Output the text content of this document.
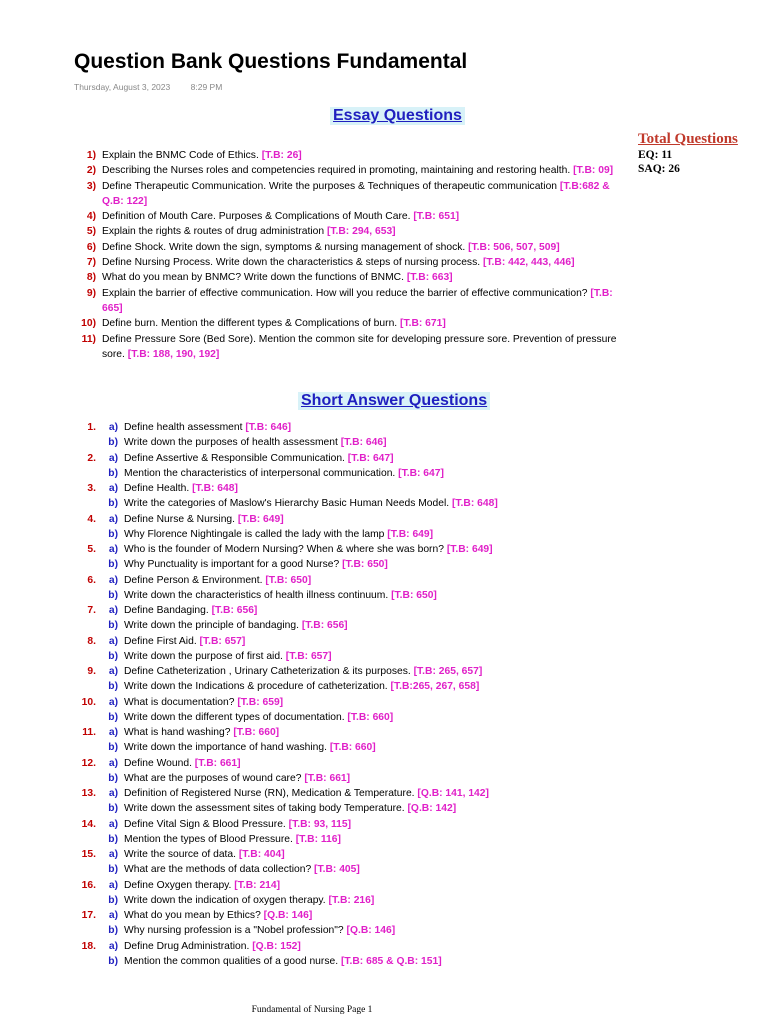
Question Bank Questions Fundamental
Thursday, August 3, 2023 8:29 PM
Essay Questions
Total Questions
EQ: 11
SAQ: 26
1) Explain the BNMC Code of Ethics. [T.B: 26]
2) Describing the Nurses roles and competencies required in promoting, maintaining and restoring health. [T.B: 09]
3) Define Therapeutic Communication. Write the purposes & Techniques of therapeutic communication [T.B:682 & Q.B: 122]
4) Definition of Mouth Care. Purposes & Complications of Mouth Care. [T.B: 651]
5) Explain the rights & routes of drug administration [T.B: 294, 653]
6) Define Shock. Write down the sign, symptoms & nursing management of shock. [T.B: 506, 507, 509]
7) Define Nursing Process. Write down the characteristics & steps of nursing process. [T.B: 442, 443, 446]
8) What do you mean by BNMC? Write down the functions of BNMC. [T.B: 663]
9) Explain the barrier of effective communication. How will you reduce the barrier of effective communication? [T.B: 665]
10) Define burn. Mention the different types & Complications of burn. [T.B: 671]
11) Define Pressure Sore (Bed Sore). Mention the common site for developing pressure sore. Prevention of pressure sore. [T.B: 188, 190, 192]
Short Answer Questions
1.	a) Define health assessment [T.B: 646]
b) Write down the purposes of health assessment [T.B: 646]
2.	a) Define Assertive & Responsible Communication. [T.B: 647]
b) Mention the characteristics of interpersonal communication. [T.B: 647]
3.	a) Define Health. [T.B: 648]
b) Write the categories of Maslow's Hierarchy Basic Human Needs Model. [T.B: 648]
4.	a) Define Nurse & Nursing. [T.B: 649]
b) Why Florence Nightingale is called the lady with the lamp [T.B: 649]
5.	a) Who is the founder of Modern Nursing? When & where she was born? [T.B: 649]
b) Why Punctuality is important for a good Nurse? [T.B: 650]
6.	a) Define Person & Environment. [T.B: 650]
b) Write down the characteristics of health illness continuum. [T.B: 650]
7.	a) Define Bandaging. [T.B: 656]
b) Write down the principle of bandaging. [T.B: 656]
8.	a) Define First Aid. [T.B: 657]
b) Write down the purpose of first aid. [T.B: 657]
9.	a) Define Catheterization , Urinary Catheterization & its purposes. [T.B: 265, 657]
b) Write down the Indications & procedure of catheterization. [T.B:265, 267, 658]
10.	a) What is documentation? [T.B: 659]
b) Write down the different types of documentation. [T.B: 660]
11.	a) What is hand washing? [T.B: 660]
b) Write down the importance of hand washing. [T.B: 660]
12.	a) Define Wound. [T.B: 661]
b) What are the purposes of wound care? [T.B: 661]
13.	a) Definition of Registered Nurse (RN), Medication & Temperature. [Q.B: 141, 142]
b) Write down the assessment sites of taking body Temperature. [Q.B: 142]
14.	a) Define Vital Sign & Blood Pressure. [T.B: 93, 115]
b) Mention the types of Blood Pressure. [T.B: 116]
15.	a) Write the source of data. [T.B: 404]
b) What are the methods of data collection? [T.B: 405]
16.	a) Define Oxygen therapy. [T.B: 214]
b) Write down the indication of oxygen therapy. [T.B: 216]
17.	a) What do you mean by Ethics? [Q.B: 146]
b) Why nursing profession is a "Nobel profession"? [Q.B: 146]
18.	a) Define Drug Administration. [Q.B: 152]
b) Mention the common qualities of a good nurse. [T.B: 685 & Q.B: 151]
Fundamental of Nursing Page 1
